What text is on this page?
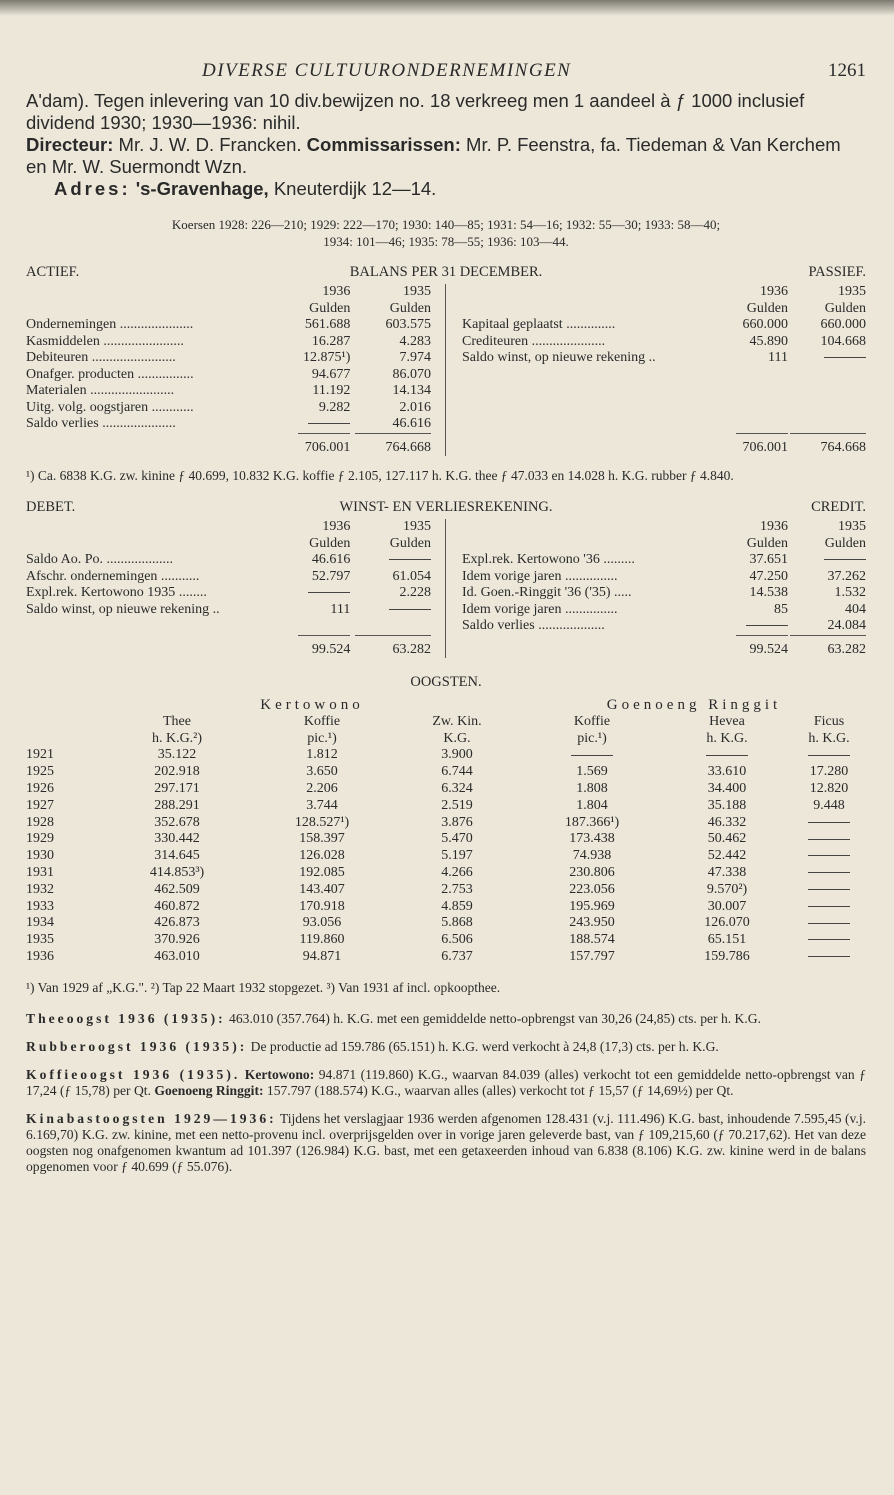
DIVERSE CULTUURONDERNEMINGEN	1261

A'dam). Tegen inlevering van 10 div.bewijzen no. 18 verkreeg men 1 aandeel à ƒ 1000 inclusief dividend 1930; 1930—1936: nihil.

Directeur: Mr. J. W. D. Francken. Commissarissen: Mr. P. Feenstra, fa. Tiedeman & Van Kerchem en Mr. W. Suermondt Wzn.

Adres: 's-Gravenhage, Kneuterdijk 12—14.

Koersen 1928: 226—210; 1929: 222—170; 1930: 140—85; 1931: 54—16; 1932: 55—30; 1933: 58—40;
1934: 101—46; 1935: 78—55; 1936: 103—44.
BALANS PER 31 DECEMBER.
ACTIEF.	PASSIEF.
	1936	1935
	Gulden	Gulden
Ondernemingen .....................	561.688	603.575
Kasmiddelen .......................	16.287	4.283
Debiteuren ........................	12.875¹)	7.974
Onafger. producten ................	94.677	86.070
Materialen ........................	11.192	14.134
Uitg. volg. oogstjaren ............	9.282	2.016
Saldo verlies .....................		46.616
	706.001	764.668
	1936	1935
	Gulden	Gulden
Kapitaal geplaatst ..............	660.000	660.000
Crediteuren .....................	45.890	104.668
Saldo winst, op nieuwe rekening ..	111	

	706.001	764.668
¹) Ca. 6838 K.G. zw. kinine ƒ 40.699, 10.832 K.G. koffie ƒ 2.105, 127.117 h. K.G. thee ƒ 47.033 en 14.028 h. K.G. rubber ƒ 4.840.
WINST- EN VERLIESREKENING.
DEBET.	CREDIT.
	1936	1935
	Gulden	Gulden
Saldo Ao. Po. ...................	46.616	
Afschr. ondernemingen ...........	52.797	61.054
Expl.rek. Kertowono 1935 ........		2.228
Saldo winst, op nieuwe rekening ..	111	

	99.524	63.282
	1936	1935
	Gulden	Gulden
Expl.rek. Kertowono '36 .........	37.651	
Idem vorige jaren ...............	47.250	37.262
Id. Goen.-Ringgit '36 ('35) .....	14.538	1.532
Idem vorige jaren ...............	85	404
Saldo verlies ...................		24.084
	99.524	63.282
OOGSTEN.
	Kertowono			Goenoeng Ringgit		
	Thee	Koffie	Zw. Kin.	Koffie	Hevea	Ficus
	h. K.G.²)	pic.¹)	K.G.	pic.¹)	h. K.G.	h. K.G.
1921	35.122	1.812	3.900			
1925	202.918	3.650	6.744	1.569	33.610	17.280
1926	297.171	2.206	6.324	1.808	34.400	12.820
1927	288.291	3.744	2.519	1.804	35.188	9.448
1928	352.678	128.527¹)	3.876	187.366¹)	46.332	
1929	330.442	158.397	5.470	173.438	50.462	
1930	314.645	126.028	5.197	74.938	52.442	
1931	414.853³)	192.085	4.266	230.806	47.338	
1932	462.509	143.407	2.753	223.056	9.570²)	
1933	460.872	170.918	4.859	195.969	30.007	
1934	426.873	93.056	5.868	243.950	126.070	
1935	370.926	119.860	6.506	188.574	65.151	
1936	463.010	94.871	6.737	157.797	159.786	
¹) Van 1929 af „K.G.". ²) Tap 22 Maart 1932 stopgezet. ³) Van 1931 af incl. opkoopthee.

Theeoogst 1936 (1935): 463.010 (357.764) h. K.G. met een gemiddelde netto-opbrengst van 30,26 (24,85) cts. per h. K.G.

Rubberoogst 1936 (1935): De productie ad 159.786 (65.151) h. K.G. werd verkocht à 24,8 (17,3) cts. per h. K.G.

Koffieoogst 1936 (1935). Kertowono: 94.871 (119.860) K.G., waarvan 84.039 (alles) verkocht tot een gemiddelde netto-opbrengst van ƒ 17,24 (ƒ 15,78) per Qt. Goenoeng Ringgit: 157.797 (188.574) K.G., waarvan alles (alles) verkocht tot ƒ 15,57 (ƒ 14,69½) per Qt.

Kinabastoogsten 1929—1936: Tijdens het verslagjaar 1936 werden afgenomen 128.431 (v.j. 111.496) K.G. bast, inhoudende 7.595,45 (v.j. 6.169,70) K.G. zw. kinine, met een netto-provenu incl. overprijsgelden over in vorige jaren geleverde bast, van ƒ 109,215,60 (ƒ 70.217,62). Het van deze oogsten nog onafgenomen kwantum ad 101.397 (126.984) K.G. bast, met een getaxeerden inhoud van 6.838 (8.106) K.G. zw. kinine werd in de balans opgenomen voor ƒ 40.699 (ƒ 55.076).
